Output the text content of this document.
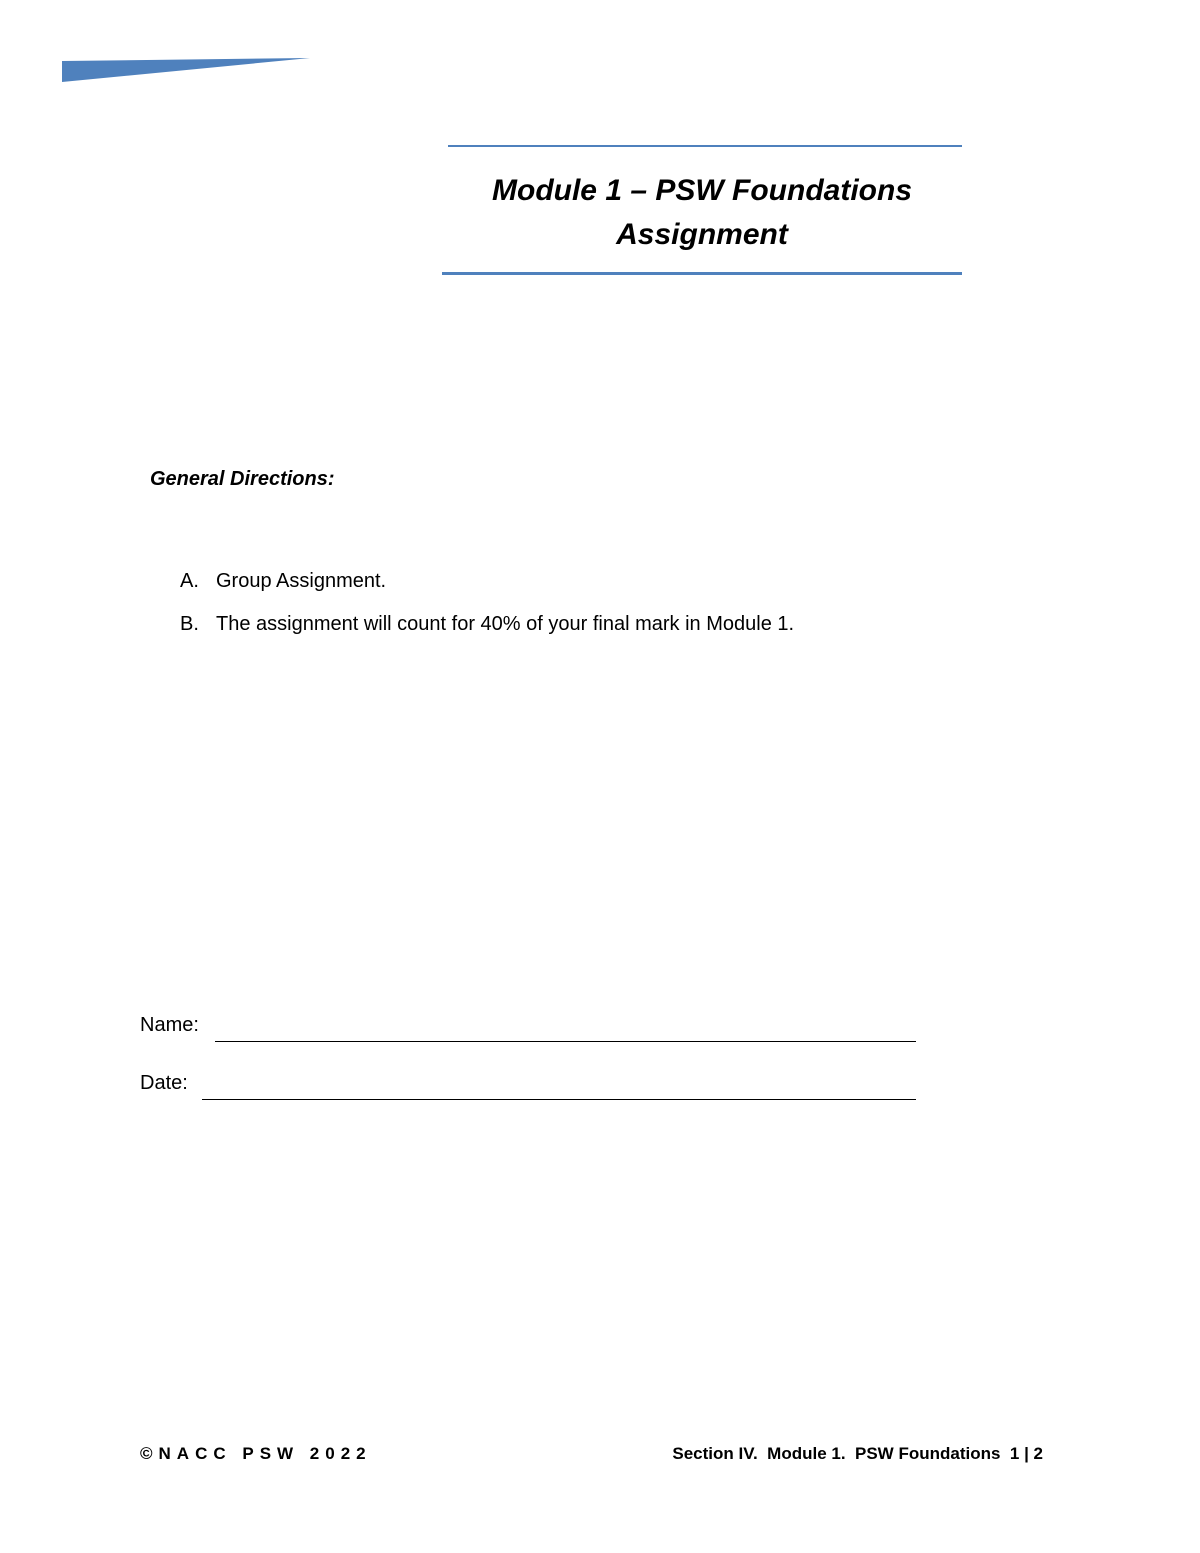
Module 1 – PSW Foundations
Assignment
General Directions:
A. Group Assignment.
B. The assignment will count for 40% of your final mark in Module 1.
Name:
Date:
©NACC PSW 2022	Section IV.  Module 1.  PSW Foundations  1 | 2
